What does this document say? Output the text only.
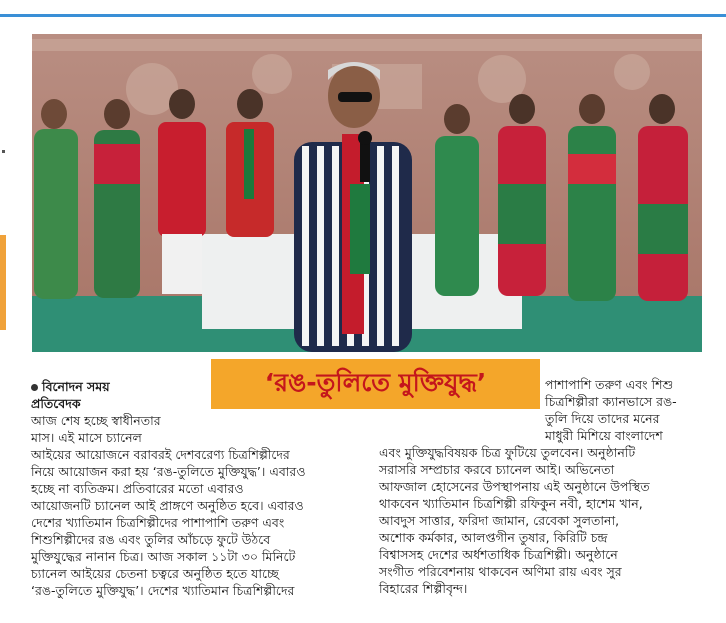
‘রঙ-তুলিতে মুক্তিযুদ্ধ’
বিনোদন সময়
প্রতিবেদক

আজ শেষ হচ্ছে স্বাধীনতার

মাস। এই মাসে চ্যানেল

আইয়ের আয়োজনে বরাবরই দেশবরেণ্য চিত্রশিল্পীদের

নিয়ে আয়োজন করা হয় ‘রঙ-তুলিতে মুক্তিযুদ্ধ’। এবারও

হচ্ছে না ব্যতিক্রম। প্রতিবারের মতো এবারও

আয়োজনটি চ্যানেল আই প্রাঙ্গণে অনুষ্ঠিত হবে। এবারও

দেশের খ্যাতিমান চিত্রশিল্পীদের পাশাপাশি তরুণ এবং

শিশুশিল্পীদের রঙ এবং তুলির আঁচড়ে ফুটে উঠবে

মুক্তিযুদ্ধের নানান চিত্র। আজ সকাল ১১টা ৩০ মিনিটে

চ্যানেল আইয়ের চেতনা চত্বরে অনুষ্ঠিত হতে যাচ্ছে

‘রঙ-তুলিতে মুক্তিযুদ্ধ’। দেশের খ্যাতিমান চিত্রশিল্পীদের

পাশাপাশি তরুণ এবং শিশু

চিত্রশিল্পীরা ক্যানভাসে রঙ-

তুলি দিয়ে তাদের মনের

মাধুরী মিশিয়ে বাংলাদেশ

এবং মুক্তিযুদ্ধবিষয়ক চিত্র ফুটিয়ে তুলবেন। অনুষ্ঠানটি

সরাসরি সম্প্রচার করবে চ্যানেল আই। অভিনেতা

আফজাল হোসেনের উপস্থাপনায় এই অনুষ্ঠানে উপস্থিত

থাকবেন খ্যাতিমান চিত্রশিল্পী রফিকুন নবী, হাশেম খান,

আবদুস সাত্তার, ফরিদা জামান, রেবেকা সুলতানা,

অশোক কর্মকার, আলপ্তগীন তুষার, কিরিটি চন্দ্র

বিশ্বাসসহ দেশের অর্ধশতাধিক চিত্রশিল্পী। অনুষ্ঠানে

সংগীত পরিবেশনায় থাকবেন অণিমা রায় এবং সুর

বিহারের শিল্পীবৃন্দ।
